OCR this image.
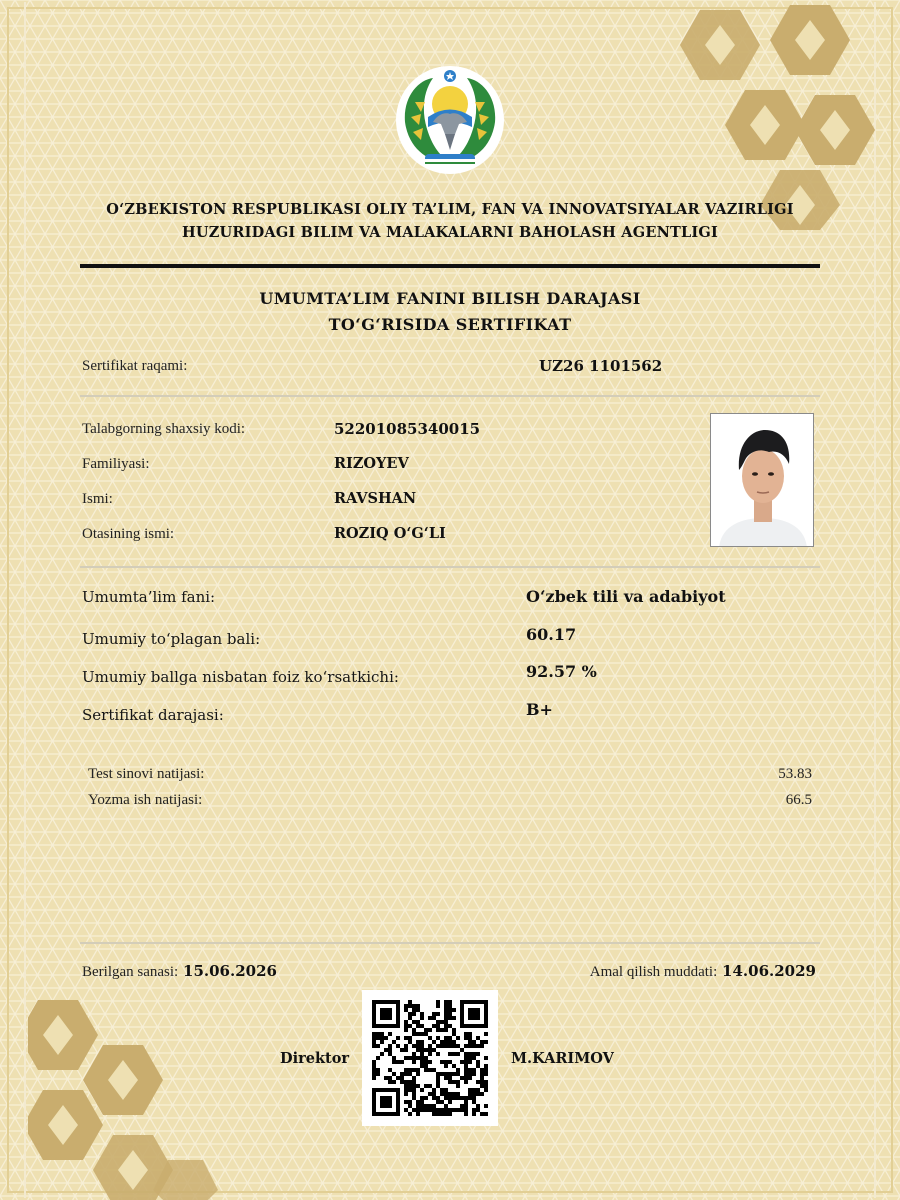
O‘ZBEKISTON RESPUBLIKASI OLIY TA’LIM, FAN VA INNOVATSIYALAR VAZIRLIGI
HUZURIDAGI BILIM VA MALAKALARNI BAHOLASH AGENTLIGI
UMUMTA’LIM FANINI BILISH DARAJASI
TO‘G‘RISIDA SERTIFIKAT
Sertifikat raqami:	UZ26 1101562
Talabgorning shaxsiy kodi:	52201085340015
Familiyasi:	RIZOYEV
Ismi:	RAVSHAN
Otasining ismi:	ROZIQ O‘G‘LI
Umumta’lim fani:	O‘zbek tili va adabiyot
Umumiy to‘plagan bali:	60.17
Umumiy ballga nisbatan foiz ko‘rsatkichi:	92.57 %
Sertifikat darajasi:	B+
Test sinovi natijasi:	53.83
Yozma ish natijasi:	66.5
Berilgan sanasi: 15.06.2026	Amal qilish muddati: 14.06.2029
Direktor	M.KARIMOV
